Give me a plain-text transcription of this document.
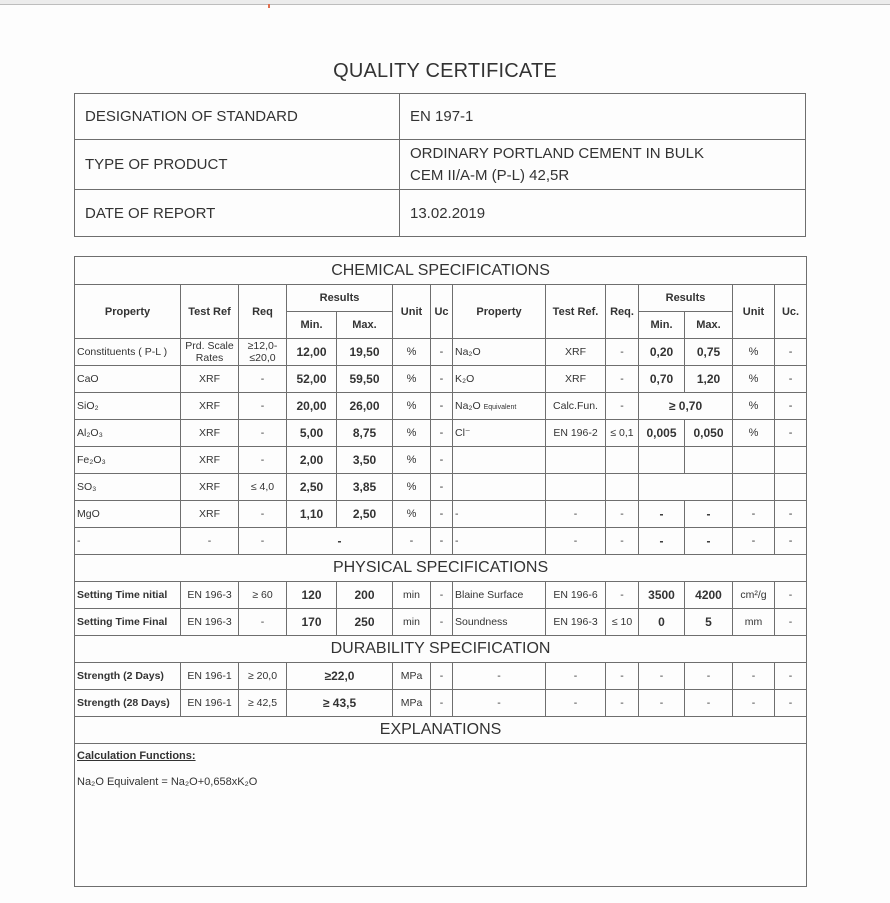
QUALITY CERTIFICATE
DESIGNATION OF STANDARD	EN 197-1
TYPE OF PRODUCT	ORDINARY PORTLAND CEMENT IN BULK
CEM II/A-M (P-L) 42,5R

DATE OF REPORT	13.02.2019
CHEMICAL SPECIFICATIONS													
Property	Test Ref	Req	Results		Unit	Uc	Property	Test Ref.	Req.	Results		Unit	Uc.
			Min.	Max.						Min.	Max.		
Constituents ( P-L )	Prd. Scale Rates	≥12,0-≤20,0	12,00	19,50	%	-	Na₂O	XRF	-	0,20	0,75	%	-
CaO	XRF	-	52,00	59,50	%	-	K₂O	XRF	-	0,70	1,20	%	-
SiO₂	XRF	-	20,00	26,00	%	-	Na₂O Equivalent	Calc.Fun.	-	≥ 0,70		%	-
Al₂O₃	XRF	-	5,00	8,75	%	-	Cl⁻	EN 196-2	≤ 0,1	0,005	0,050	%	-
Fe₂O₃	XRF	-	2,00	3,50	%	-							
SO₃	XRF	≤ 4,0	2,50	3,85	%	-							
MgO	XRF	-	1,10	2,50	%	-	-	-	-	-	-	-	-
-	-	-	-		-	-	-	-	-	-	-	-	-
PHYSICAL SPECIFICATIONS													
Setting Time nitial	EN 196-3	≥ 60	120	200	min	-	Blaine Surface	EN 196-6	-	3500	4200	cm²/g	-
Setting Time Final	EN 196-3	-	170	250	min	-	Soundness	EN 196-3	≤ 10	0	5	mm	-
DURABILITY SPECIFICATION													
Strength (2 Days)	EN 196-1	≥ 20,0	≥22,0		MPa	-	-	-	-	-	-	-	-
Strength (28 Days)	EN 196-1	≥ 42,5	≥ 43,5		MPa	-	-	-	-	-	-	-	-
EXPLANATIONS													

Calculation Functions:
Na₂O Equivalent = Na₂O+0,658xK₂O													
